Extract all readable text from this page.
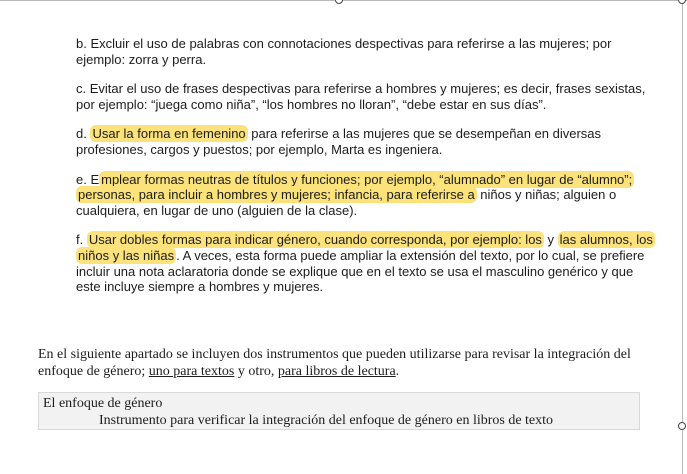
b. Excluir el uso de palabras con connotaciones despectivas para referirse a las mujeres; por ejemplo: zorra y perra.

c. Evitar el uso de frases despectivas para referirse a hombres y mujeres; es decir, frases sexistas, por ejemplo: “juega como niña”, “los hombres no lloran”, “debe estar en sus días”.

d. Usar la forma en femenino para referirse a las mujeres que se desempeñan en diversas profesiones, cargos y puestos; por ejemplo, Marta es ingeniera.

e. E mplear formas neutras de títulos y funciones; por ejemplo, “alumnado” en lugar de “alumno”; personas, para incluir a hombres y mujeres; infancia, para referirse a niños y niñas; alguien o cualquiera, en lugar de uno (alguien de la clase).

f. Usar dobles formas para indicar género, cuando corresponda, por ejemplo: los y las alumnos, los niños y las niñas . A veces, esta forma puede ampliar la extensión del texto, por lo cual, se prefiere incluir una nota aclaratoria donde se explique que en el texto se usa el masculino genérico y que este incluye siempre a hombres y mujeres.

En el siguiente apartado se incluyen dos instrumentos que pueden utilizarse para revisar la integración del enfoque de género; uno para textos y otro, para libros de lectura.

El enfoque de género
Instrumento para verificar la integración del enfoque de género en libros de texto
